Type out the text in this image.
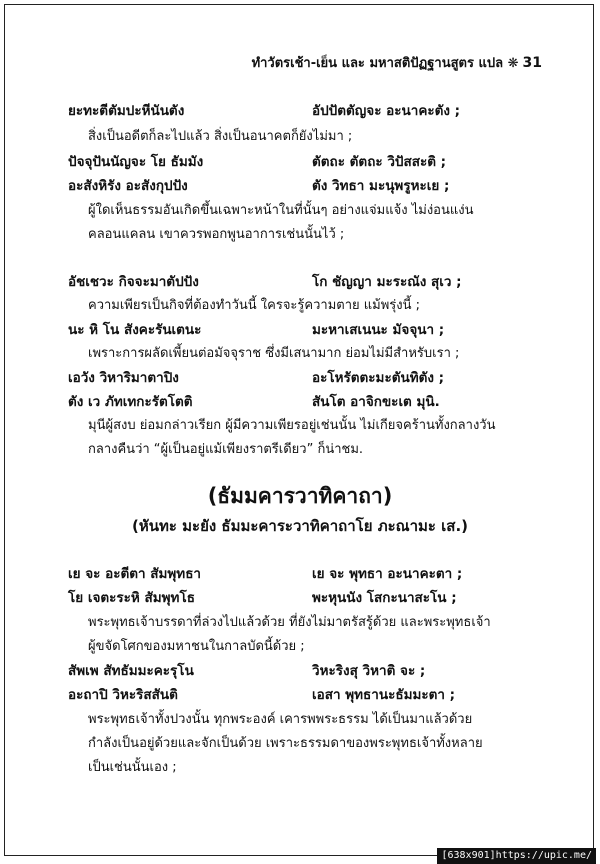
ทำวัตรเช้า-เย็น และ มหาสติปัฏฐานสูตร แปล ❋ 31
ยะทะตีตัมปะหีนันตัง	อัปปัตตัญจะ อะนาคะตัง ;
สิ่งเป็นอดีตก็ละไปแล้ว สิ่งเป็นอนาคตก็ยังไม่มา ;
ปัจจุปันนัญจะ โย ธัมมัง	ตัตถะ ตัตถะ วิปัสสะติ ;
อะสังหิรัง อะสังกุปปัง	ตัง วิทธา มะนุพรูหะเย ;
ผู้ใดเห็นธรรมอันเกิดขึ้นเฉพาะหน้าในที่นั้นๆ อย่างแจ่มแจ้ง ไม่ง่อนแง่น
คลอนแคลน เขาควรพอกพูนอาการเช่นนั้นไว้ ;
อัชเชวะ กิจจะมาตัปปัง	โก ชัญญา มะระณัง สุเว ;
ความเพียรเป็นกิจที่ต้องทำวันนี้ ใครจะรู้ความตาย แม้พรุ่งนี้ ;
นะ หิ โน สังคะรันเตนะ	มะหาเสเนนะ มัจจุนา ;
เพราะการผลัดเพี้ยนต่อมัจจุราช ซึ่งมีเสนามาก ย่อมไม่มีสำหรับเรา ;
เอวัง วิหาริมาตาปิง	อะโหรัตตะมะตันทิตัง ;
ตัง เว ภัทเทกะรัตโตติ	สันโต อาจิกขะเต มุนิ.
มุนีผู้สงบ ย่อมกล่าวเรียก ผู้มีความเพียรอยู่เช่นนั้น ไม่เกียจคร้านทั้งกลางวัน
กลางคืนว่า “ผู้เป็นอยู่แม้เพียงราตรีเดียว” ก็น่าชม.
(ธัมมคารวาทิคาถา)
(หันทะ มะยัง ธัมมะคาระวาทิคาถาโย ภะณามะ เส.)
เย จะ อะตีตา สัมพุทธา	เย จะ พุทธา อะนาคะตา ;
โย เจตะระหิ สัมพุทโธ	พะหุนนัง โสกะนาสะโน ;
พระพุทธเจ้าบรรดาที่ล่วงไปแล้วด้วย ที่ยังไม่มาตรัสรู้ด้วย และพระพุทธเจ้า
ผู้ขจัดโศกของมหาชนในกาลบัดนี้ด้วย ;
สัพเพ สัทธัมมะคะรุโน	วิหะริงสุ วิหาติ จะ ;
อะถาปิ วิหะริสสันติ	เอสา พุทธานะธัมมะตา ;
พระพุทธเจ้าทั้งปวงนั้น ทุกพระองค์ เคารพพระธรรม ได้เป็นมาแล้วด้วย
กำลังเป็นอยู่ด้วยและจักเป็นด้วย เพราะธรรมดาของพระพุทธเจ้าทั้งหลาย
เป็นเช่นนั้นเอง ;
[638x901]https://upic.me/
